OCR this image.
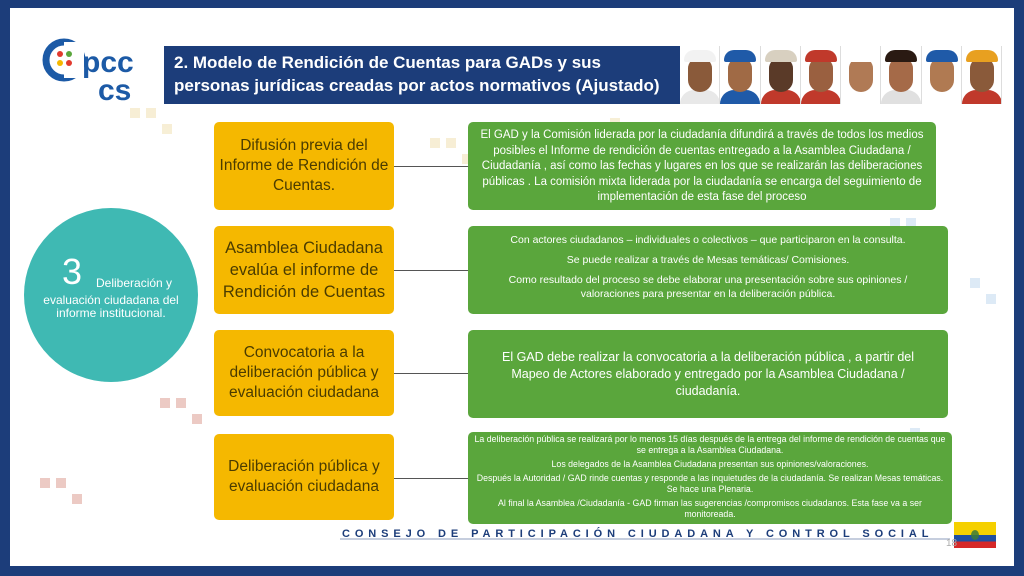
pcc
cs
2. Modelo de Rendición de Cuentas para GADs y sus personas jurídicas creadas por actos normativos (Ajustado)
3 Deliberación y
evaluación ciudadana del informe institucional.
Difusión previa del Informe de Rendición de Cuentas.

El GAD y la Comisión liderada por la ciudadanía difundirá a través de todos los medios posibles el Informe de rendición de cuentas entregado a la Asamblea Ciudadana / Ciudadanía , así como las fechas y lugares en los que se realizarán las deliberaciones públicas . La comisión mixta liderada por la ciudadanía se encarga del seguimiento de implementación de esta fase del proceso

Asamblea Ciudadana evalúa el informe de Rendición de Cuentas

Con actores ciudadanos – individuales o colectivos – que participaron en la consulta.

Se puede realizar a través de Mesas temáticas/ Comisiones.

Como resultado del proceso se debe elaborar una presentación sobre sus opiniones / valoraciones para presentar en la deliberación pública.

Convocatoria a la deliberación pública y evaluación ciudadana

El GAD debe realizar la convocatoria a la deliberación pública , a partir del Mapeo de Actores elaborado y entregado por la Asamblea Ciudadana / ciudadanía.

Deliberación pública y evaluación ciudadana

La deliberación pública se realizará por lo menos 15 días después de la entrega del informe de rendición de cuentas que se entrega a la Asamblea Ciudadana.

Los delegados de la Asamblea Ciudadana presentan sus opiniones/valoraciones.

Después la Autoridad / GAD rinde cuentas y responde a las inquietudes de la ciudadanía. Se realizan Mesas temáticas. Se hace una Plenaria.

Al final la Asamblea /Ciudadanía - GAD firman las sugerencias /compromisos ciudadanos. Esta fase va a ser monitoreada.

CONSEJO DE PARTICIPACIÓN CIUDADANA Y CONTROL SOCIAL
18
